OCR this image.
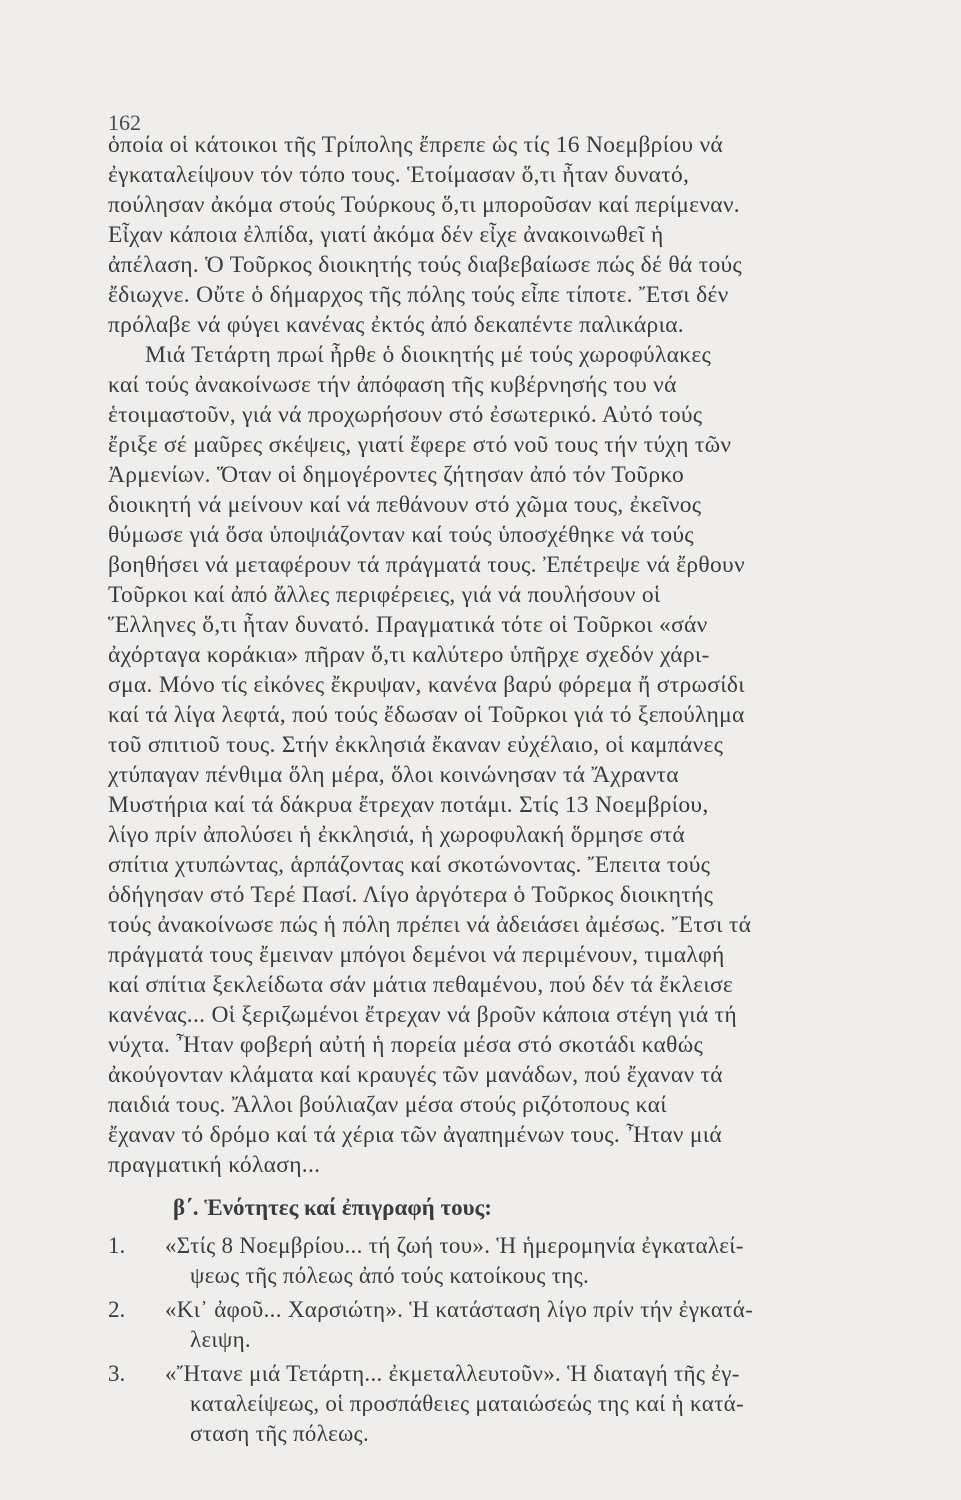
162
ὁποία οἱ κάτοικοι τῆς Τρίπολης ἔπρεπε ὡς τίς 16 Νοεμβρίου νά
ἐγκαταλείψουν τόν τόπο τους. Ἑτοίμασαν ὅ,τι ἦταν δυνατό,
πούλησαν ἀκόμα στούς Τούρκους ὅ,τι μποροῦσαν καί περίμεναν.
Εἶχαν κάποια ἐλπίδα, γιατί ἀκόμα δέν εἶχε ἀνακοινωθεῖ ἡ
ἀπέλαση. Ὁ Τοῦρκος διοικητής τούς διαβεβαίωσε πώς δέ θά τούς
ἔδιωχνε. Οὔτε ὁ δήμαρχος τῆς πόλης τούς εἶπε τίποτε. Ἔτσι δέν
πρόλαβε νά φύγει κανένας ἐκτός ἀπό δεκαπέντε παλικάρια.
Μιά Τετάρτη πρωί ἦρθε ὁ διοικητής μέ τούς χωροφύλακες
καί τούς ἀνακοίνωσε τήν ἀπόφαση τῆς κυβέρνησής του νά
ἑτοιμαστοῦν, γιά νά προχωρήσουν στό ἐσωτερικό. Αὐτό τούς
ἔριξε σέ μαῦρες σκέψεις, γιατί ἔφερε στό νοῦ τους τήν τύχη τῶν
Ἀρμενίων. Ὅταν οἱ δημογέροντες ζήτησαν ἀπό τόν Τοῦρκο
διοικητή νά μείνουν καί νά πεθάνουν στό χῶμα τους, ἐκεῖνος
θύμωσε γιά ὅσα ὑποψιάζονταν καί τούς ὑποσχέθηκε νά τούς
βοηθήσει νά μεταφέρουν τά πράγματά τους. Ἐπέτρεψε νά ἔρθουν
Τοῦρκοι καί ἀπό ἄλλες περιφέρειες, γιά νά πουλήσουν οἱ
Ἕλληνες ὅ,τι ἦταν δυνατό. Πραγματικά τότε οἱ Τοῦρκοι «σάν
ἀχόρταγα κοράκια» πῆραν ὅ,τι καλύτερο ὑπῆρχε σχεδόν χάρι-
σμα. Μόνο τίς εἰκόνες ἔκρυψαν, κανένα βαρύ φόρεμα ἤ στρωσίδι
καί τά λίγα λεφτά, πού τούς ἔδωσαν οἱ Τοῦρκοι γιά τό ξεπούλημα
τοῦ σπιτιοῦ τους. Στήν ἐκκλησιά ἔκαναν εὐχέλαιο, οἱ καμπάνες
χτύπαγαν πένθιμα ὅλη μέρα, ὅλοι κοινώνησαν τά Ἄχραντα
Μυστήρια καί τά δάκρυα ἔτρεχαν ποτάμι. Στίς 13 Νοεμβρίου,
λίγο πρίν ἀπολύσει ἡ ἐκκλησιά, ἡ χωροφυλακή ὅρμησε στά
σπίτια χτυπώντας, ἁρπάζοντας καί σκοτώνοντας. Ἔπειτα τούς
ὁδήγησαν στό Τερέ Πασί. Λίγο ἀργότερα ὁ Τοῦρκος διοικητής
τούς ἀνακοίνωσε πώς ἡ πόλη πρέπει νά ἀδειάσει ἀμέσως. Ἔτσι τά
πράγματά τους ἔμειναν μπόγοι δεμένοι νά περιμένουν, τιμαλφή
καί σπίτια ξεκλείδωτα σάν μάτια πεθαμένου, πού δέν τά ἔκλεισε
κανένας... Οἱ ξεριζωμένοι ἔτρεχαν νά βροῦν κάποια στέγη γιά τή
νύχτα. Ἦταν φοβερή αὐτή ἡ πορεία μέσα στό σκοτάδι καθώς
ἀκούγονταν κλάματα καί κραυγές τῶν μανάδων, πού ἔχαναν τά
παιδιά τους. Ἄλλοι βούλιαζαν μέσα στούς ριζότοπους καί
ἔχαναν τό δρόμο καί τά χέρια τῶν ἀγαπημένων τους. Ἦταν μιά
πραγματική κόλαση...
β΄. Ἑνότητες καί ἐπιγραφή τους:
1. «Στίς 8 Νοεμβρίου... τή ζωή του». Ἡ ἡμερομηνία ἐγκαταλεί-
ψεως τῆς πόλεως ἀπό τούς κατοίκους της.
2. «Κι᾽ ἀφοῦ... Χαρσιώτη». Ἡ κατάσταση λίγο πρίν τήν ἐγκατά-
λειψη.
3. «Ἤτανε μιά Τετάρτη... ἐκμεταλλευτοῦν». Ἡ διαταγή τῆς ἐγ-
καταλείψεως, οἱ προσπάθειες ματαιώσεώς της καί ἡ κατά-
σταση τῆς πόλεως.
